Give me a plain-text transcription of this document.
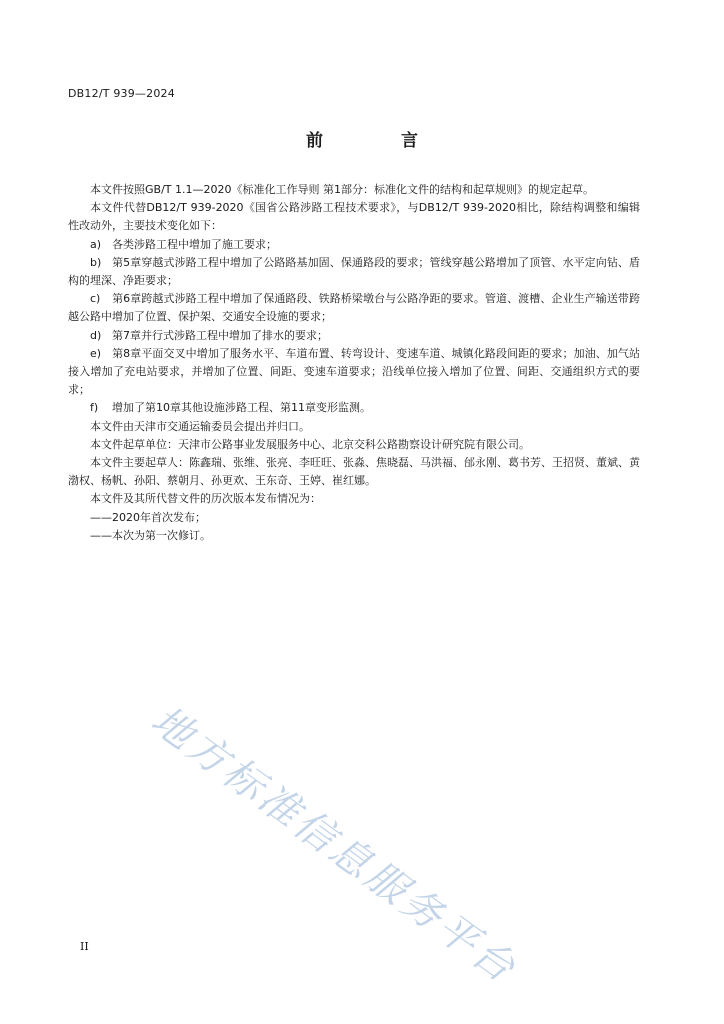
DB12/T 939—2024
前 言

本文件按照GB/T 1.1—2020《标准化工作导则 第1部分：标准化文件的结构和起草规则》的规定起草。

本文件代替DB12/T 939-2020《国省公路涉路工程技术要求》，与DB12/T 939-2020相比，除结构调整和编辑性改动外，主要技术变化如下：

a) 各类涉路工程中增加了施工要求；

b) 第5章穿越式涉路工程中增加了公路路基加固、保通路段的要求；管线穿越公路增加了顶管、水平定向钻、盾构的埋深、净距要求；

c) 第6章跨越式涉路工程中增加了保通路段、铁路桥梁墩台与公路净距的要求。管道、渡槽、企业生产输送带跨越公路中增加了位置、保护架、交通安全设施的要求；

d) 第7章并行式涉路工程中增加了排水的要求；

e) 第8章平面交叉中增加了服务水平、车道布置、转弯设计、变速车道、城镇化路段间距的要求；加油、加气站接入增加了充电站要求，并增加了位置、间距、变速车道要求；沿线单位接入增加了位置、间距、交通组织方式的要求；

f) 增加了第10章其他设施涉路工程、第11章变形监测。

本文件由天津市交通运输委员会提出并归口。

本文件起草单位：天津市公路事业发展服务中心、北京交科公路勘察设计研究院有限公司。

本文件主要起草人：陈鑫瑞、张维、张亮、李旺旺、张淼、焦晓磊、马洪福、邰永刚、葛书芳、王招贤、董斌、黄渤权、杨帆、孙阳、蔡朝月、孙更欢、王东奇、王婷、崔红娜。

本文件及其所代替文件的历次版本发布情况为：

——2020年首次发布；

——本次为第一次修订。

地方标准信息服务平台
II
